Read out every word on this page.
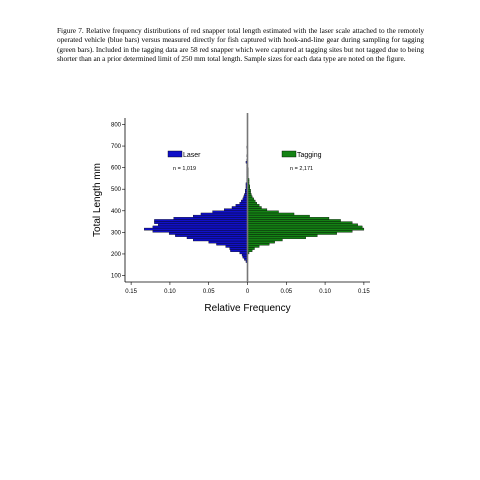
Figure 7. Relative frequency distributions of red snapper total length estimated with the laser scale attached to the remotely operated vehicle (blue bars) versus measured directly for fish captured with hook-and-line gear during sampling for tagging (green bars). Included in the tagging data are 58 red snapper which were captured at tagging sites but not tagged due to being shorter than an a prior determined limit of 250 mm total length. Sample sizes for each data type are noted on the figure.
100
200
300
400
500
600
700
800
0.15	0.10	0.05	0	0.05	0.10	0.15
Relative Frequency
Total Length mm
Laser
n = 1,019
Tagging
n = 2,171
